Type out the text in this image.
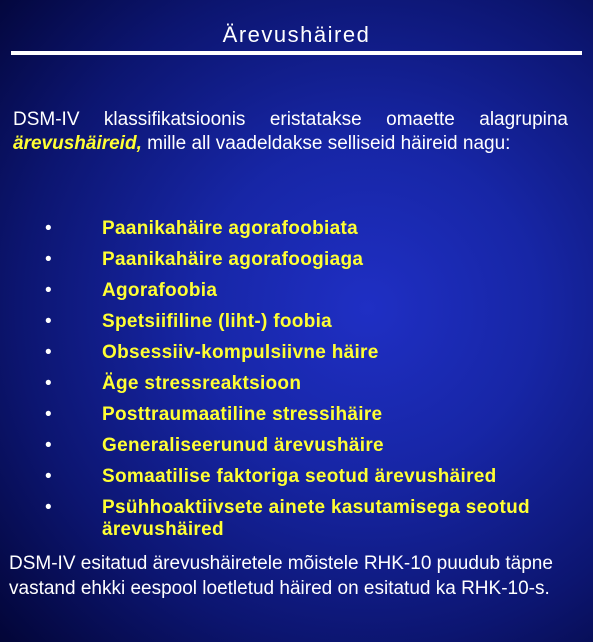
Ärevushäired

DSM-IV klassifikatsioonis eristatakse omaette alagrupina ärevushäireid, mille all vaadeldakse selliseid häireid nagu:

•	Paanikahäire agorafoobiata
•	Paanikahäire agorafoogiaga
•	Agorafoobia
•	Spetsiifiline (liht-) foobia
•	Obsessiiv-kompulsiivne häire
•	Äge stressreaktsioon
•	Posttraumaatiline stressihäire
•	Generaliseerunud ärevushäire
•	Somaatilise faktoriga seotud ärevushäired
•	Psühhoaktiivsete ainete kasutamisega seotud ärevushäired

DSM-IV esitatud ärevushäiretele mõistele RHK-10 puudub täpne vastand ehkki eespool loetletud häired on esitatud ka RHK-10-s.
